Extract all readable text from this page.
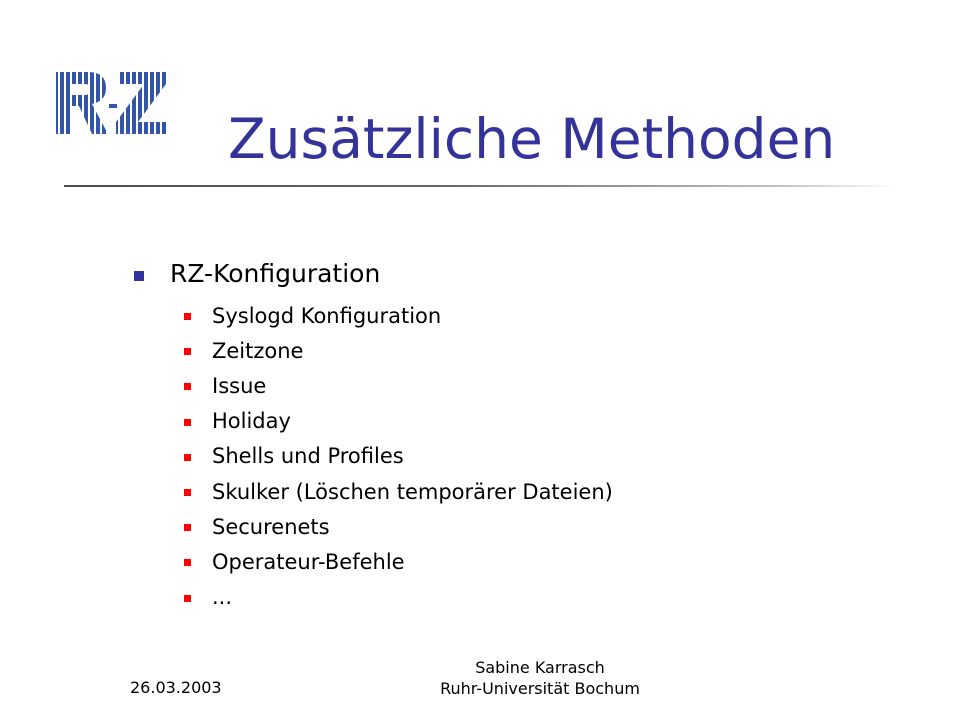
Zusätzliche Methoden
RZ-Konfiguration
Syslogd Konfiguration
Zeitzone
Issue
Holiday
Shells und Profiles
Skulker (Löschen temporärer Dateien)
Securenets
Operateur-Befehle
...
26.03.2003
Sabine Karrasch
Ruhr-Universität Bochum
